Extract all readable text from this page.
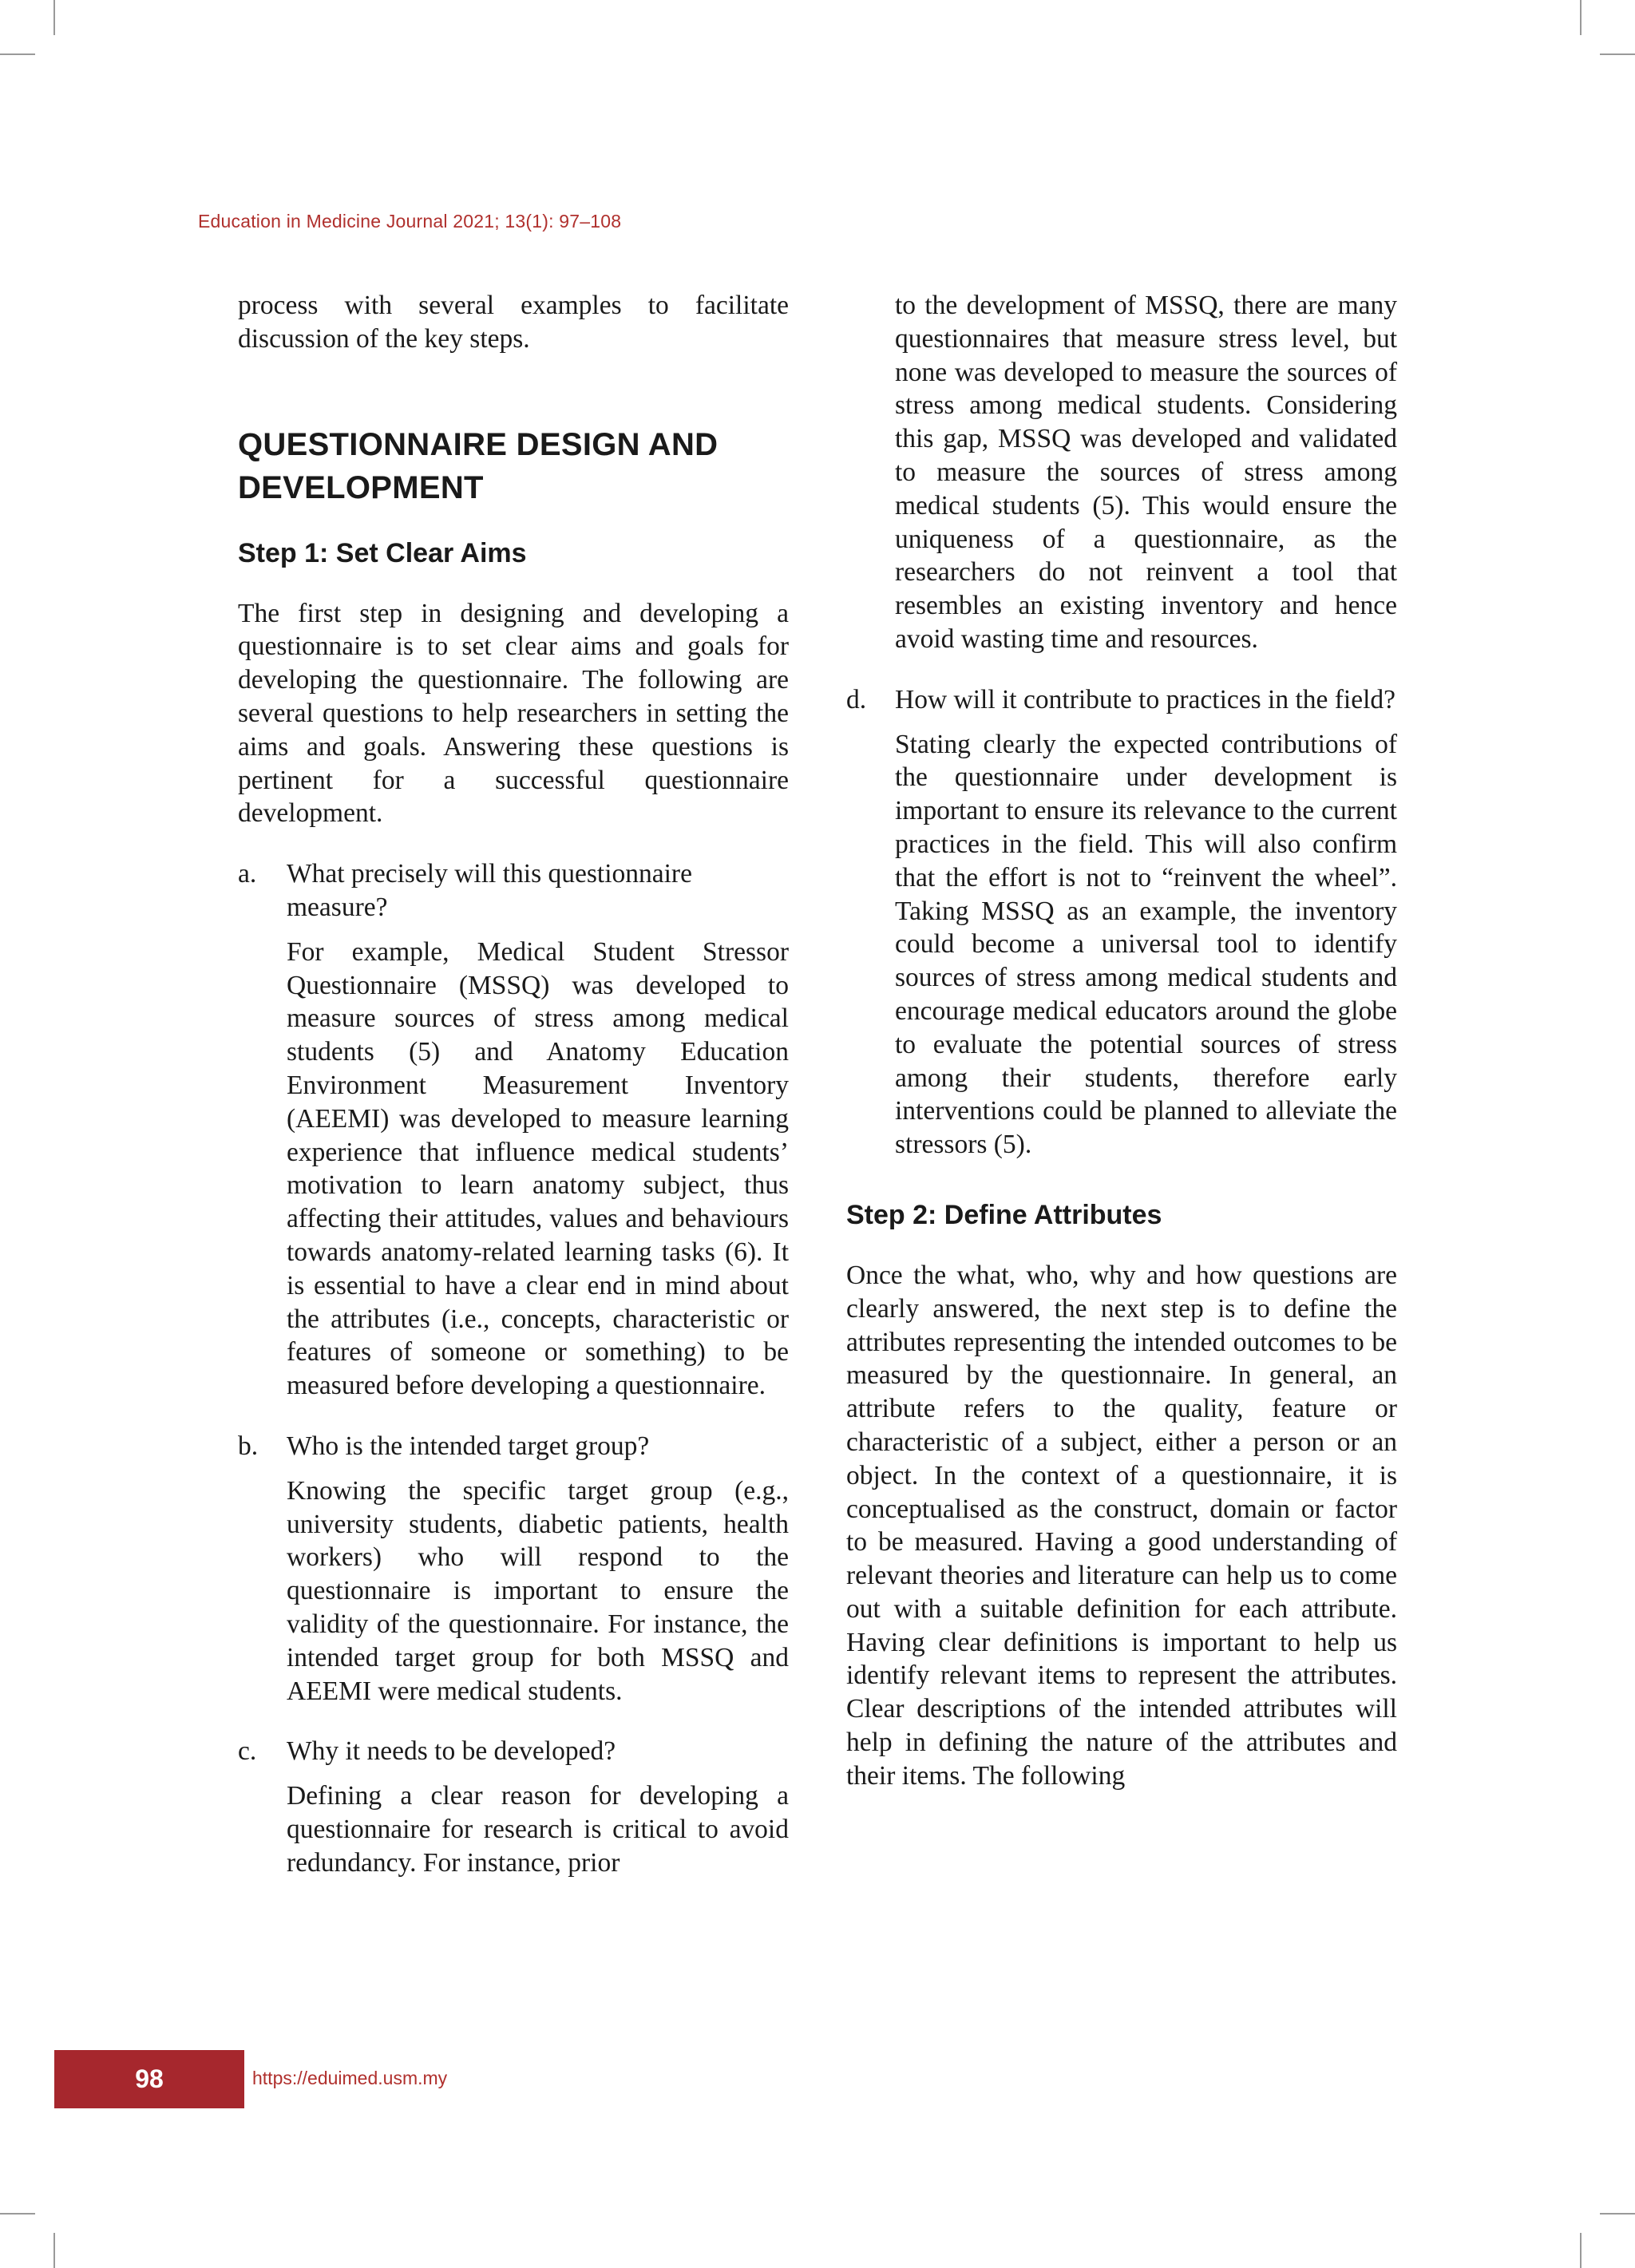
Education in Medicine Journal 2021; 13(1): 97–108

process with several examples to facilitate discussion of the key steps.

QUESTIONNAIRE DESIGN AND DEVELOPMENT
Step 1: Set Clear Aims

The first step in designing and developing a questionnaire is to set clear aims and goals for developing the questionnaire. The following are several questions to help researchers in setting the aims and goals. Answering these questions is pertinent for a successful questionnaire development.

a. What precisely will this questionnaire measure?
For example, Medical Student Stressor Questionnaire (MSSQ) was developed to measure sources of stress among medical students (5) and Anatomy Education Environment Measurement Inventory (AEEMI) was developed to measure learning experience that influence medical students’ motivation to learn anatomy subject, thus affecting their attitudes, values and behaviours towards anatomy-related learning tasks (6). It is essential to have a clear end in mind about the attributes (i.e., concepts, characteristic or features of someone or something) to be measured before developing a questionnaire.
b. Who is the intended target group?
Knowing the specific target group (e.g., university students, diabetic patients, health workers) who will respond to the questionnaire is important to ensure the validity of the questionnaire. For instance, the intended target group for both MSSQ and AEEMI were medical students.
c. Why it needs to be developed?
Defining a clear reason for developing a questionnaire for research is critical to avoid redundancy. For instance, prior

to the development of MSSQ, there are many questionnaires that measure stress level, but none was developed to measure the sources of stress among medical students. Considering this gap, MSSQ was developed and validated to measure the sources of stress among medical students (5). This would ensure the uniqueness of a questionnaire, as the researchers do not reinvent a tool that resembles an existing inventory and hence avoid wasting time and resources.

d. How will it contribute to practices in the field?
Stating clearly the expected contributions of the questionnaire under development is important to ensure its relevance to the current practices in the field. This will also confirm that the effort is not to “reinvent the wheel”. Taking MSSQ as an example, the inventory could become a universal tool to identify sources of stress among medical students and encourage medical educators around the globe to evaluate the potential sources of stress among their students, therefore early interventions could be planned to alleviate the stressors (5).
Step 2: Define Attributes

Once the what, who, why and how questions are clearly answered, the next step is to define the attributes representing the intended outcomes to be measured by the questionnaire. In general, an attribute refers to the quality, feature or characteristic of a subject, either a person or an object. In the context of a questionnaire, it is conceptualised as the construct, domain or factor to be measured. Having a good understanding of relevant theories and literature can help us to come out with a suitable definition for each attribute. Having clear definitions is important to help us identify relevant items to represent the attributes. Clear descriptions of the intended attributes will help in defining the nature of the attributes and their items. The following

98	https://eduimed.usm.my
